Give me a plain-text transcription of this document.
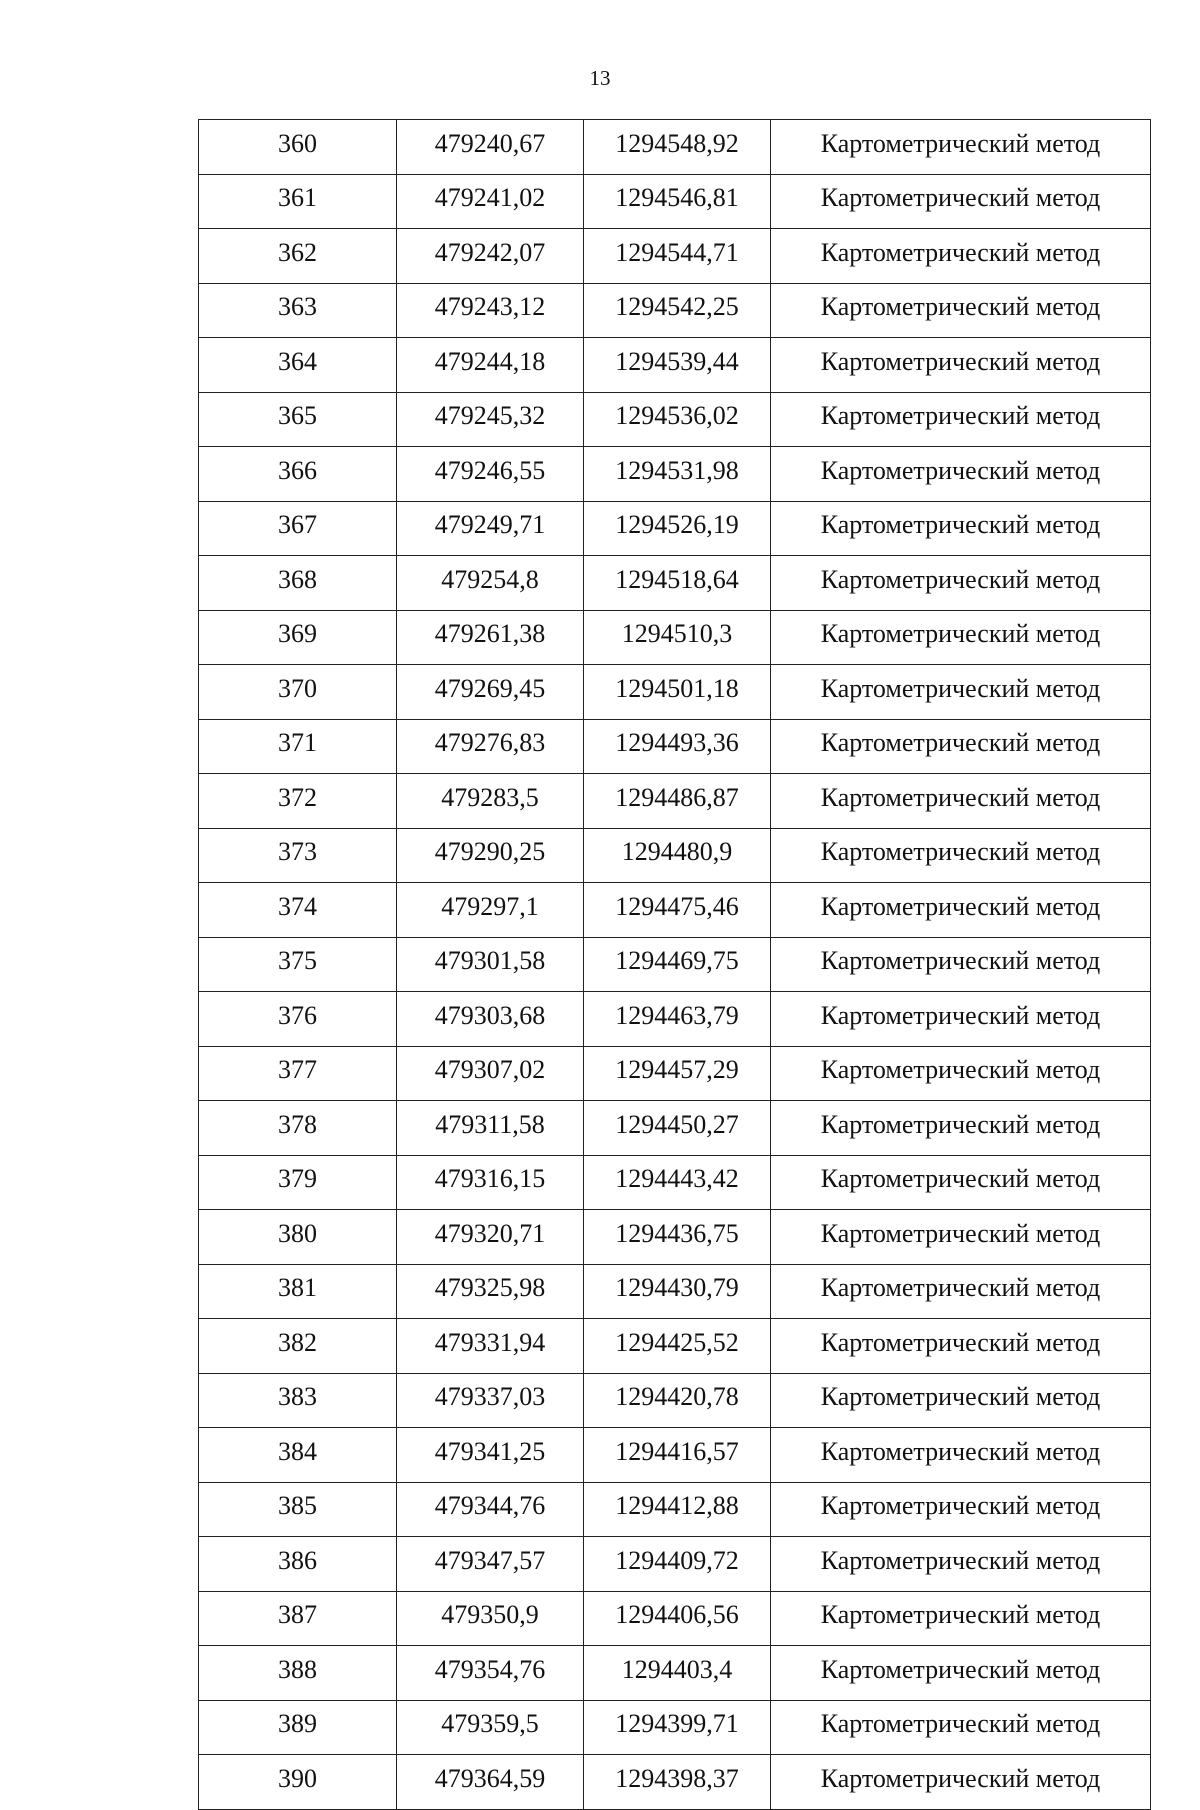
13
360	479240,67	1294548,92	Картометрический метод
361	479241,02	1294546,81	Картометрический метод
362	479242,07	1294544,71	Картометрический метод
363	479243,12	1294542,25	Картометрический метод
364	479244,18	1294539,44	Картометрический метод
365	479245,32	1294536,02	Картометрический метод
366	479246,55	1294531,98	Картометрический метод
367	479249,71	1294526,19	Картометрический метод
368	479254,8	1294518,64	Картометрический метод
369	479261,38	1294510,3	Картометрический метод
370	479269,45	1294501,18	Картометрический метод
371	479276,83	1294493,36	Картометрический метод
372	479283,5	1294486,87	Картометрический метод
373	479290,25	1294480,9	Картометрический метод
374	479297,1	1294475,46	Картометрический метод
375	479301,58	1294469,75	Картометрический метод
376	479303,68	1294463,79	Картометрический метод
377	479307,02	1294457,29	Картометрический метод
378	479311,58	1294450,27	Картометрический метод
379	479316,15	1294443,42	Картометрический метод
380	479320,71	1294436,75	Картометрический метод
381	479325,98	1294430,79	Картометрический метод
382	479331,94	1294425,52	Картометрический метод
383	479337,03	1294420,78	Картометрический метод
384	479341,25	1294416,57	Картометрический метод
385	479344,76	1294412,88	Картометрический метод
386	479347,57	1294409,72	Картометрический метод
387	479350,9	1294406,56	Картометрический метод
388	479354,76	1294403,4	Картометрический метод
389	479359,5	1294399,71	Картометрический метод
390	479364,59	1294398,37	Картометрический метод
